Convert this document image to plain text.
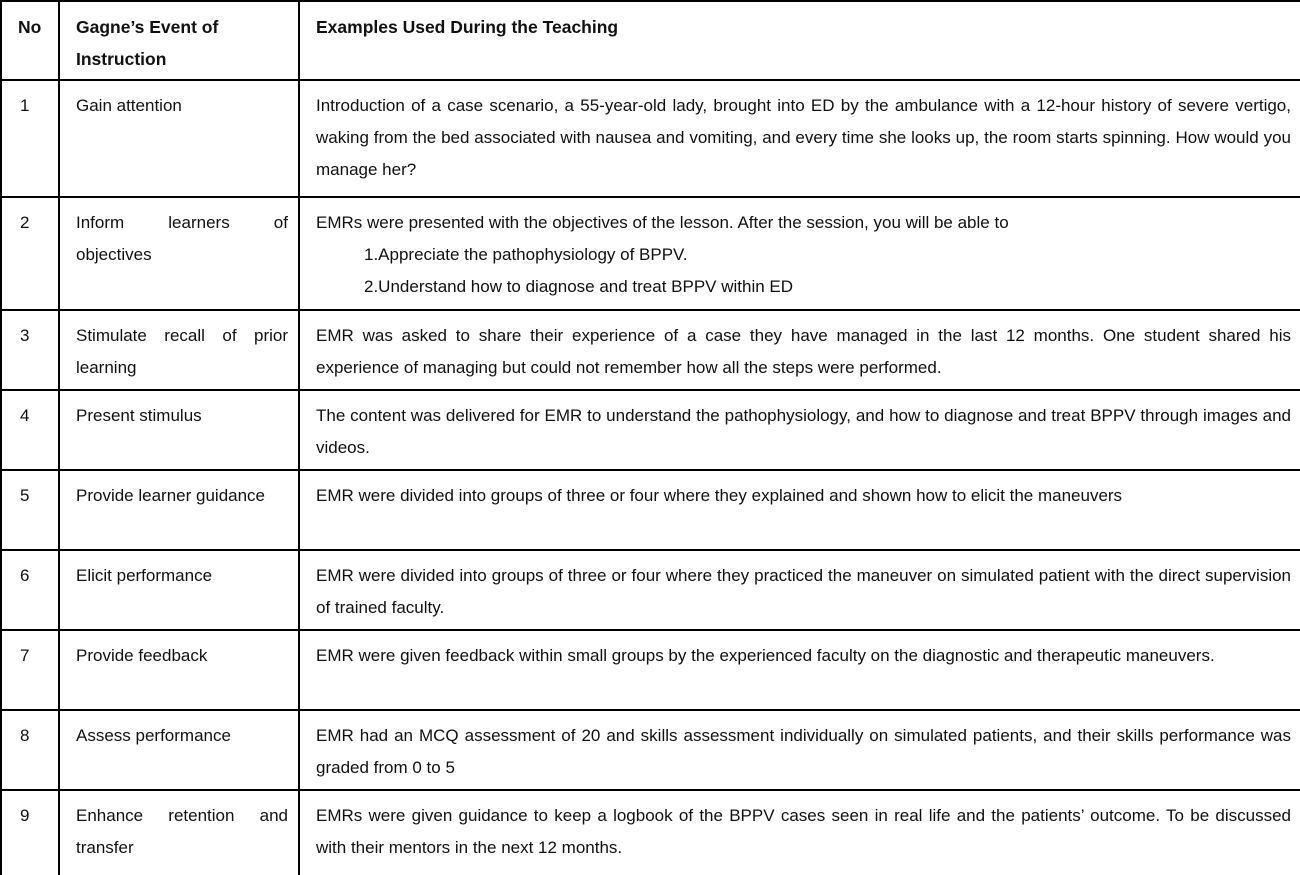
No	Gagne’s Event of Instruction	Examples Used During the Teaching
1	Gain attention	Introduction of a case scenario, a 55-year-old lady, brought into ED by the ambulance with a 12-hour history of severe vertigo, waking from the bed associated with nausea and vomiting, and every time she looks up, the room starts spinning. How would you manage her?

2	Inform learners of objectives	EMRs were presented with the objectives of the lesson. After the session, you will be able to
1.Appreciate the pathophysiology of BPPV.
2.Understand how to diagnose and treat BPPV within ED

3	Stimulate recall of prior learning	EMR was asked to share their experience of a case they have managed in the last 12 months. One student shared his experience of managing but could not remember how all the steps were performed.

4	Present stimulus	The content was delivered for EMR to understand the pathophysiology, and how to diagnose and treat BPPV through images and videos.

5	Provide learner guidance	EMR were divided into groups of three or four where they explained and shown how to elicit the maneuvers

6	Elicit performance	EMR were divided into groups of three or four where they practiced the maneuver on simulated patient with the direct supervision of trained faculty.

7	Provide feedback	EMR were given feedback within small groups by the experienced faculty on the diagnostic and therapeutic maneuvers.

8	Assess performance	EMR had an MCQ assessment of 20 and skills assessment individually on simulated patients, and their skills performance was graded from 0 to 5

9	Enhance retention and transfer	EMRs were given guidance to keep a logbook of the BPPV cases seen in real life and the patients’ outcome. To be discussed with their mentors in the next 12 months.
